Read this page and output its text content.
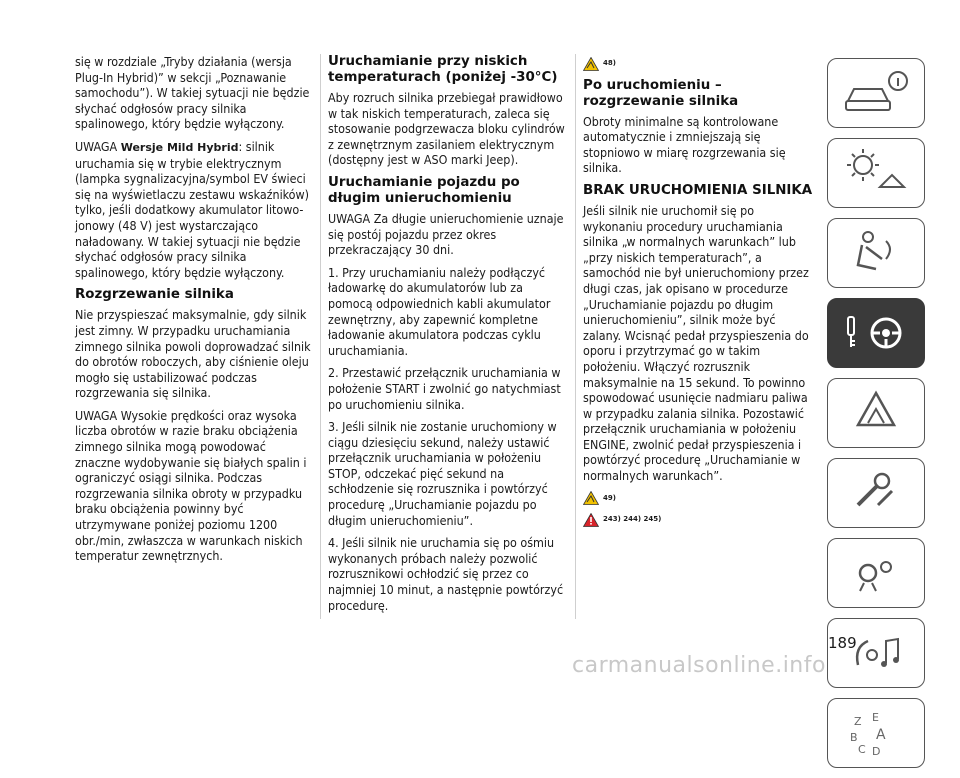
się w rozdziale „Tryby działania (wersja Plug-In Hybrid)” w sekcji „Poznawanie samochodu”). W takiej sytuacji nie będzie słychać odgłosów pracy silnika spalinowego, który będzie wyłączony.

UWAGA Wersje Mild Hybrid: silnik uruchamia się w trybie elektrycznym (lampka sygnalizacyjna/symbol EV świeci się na wyświetlaczu zestawu wskaźników) tylko, jeśli dodatkowy akumulator litowo-jonowy (48 V) jest wystarczająco naładowany. W takiej sytuacji nie będzie słychać odgłosów pracy silnika spalinowego, który będzie wyłączony.

Rozgrzewanie silnika

Nie przyspieszać maksymalnie, gdy silnik jest zimny. W przypadku uruchamiania zimnego silnika powoli doprowadzać silnik do obrotów roboczych, aby ciśnienie oleju mogło się ustabilizować podczas rozgrzewania się silnika.

UWAGA Wysokie prędkości oraz wysoka liczba obrotów w razie braku obciążenia zimnego silnika mogą powodować znaczne wydobywanie się białych spalin i ograniczyć osiągi silnika. Podczas rozgrzewania silnika obroty w przypadku braku obciążenia powinny być utrzymywane poniżej poziomu 1200 obr./min, zwłaszcza w warunkach niskich temperatur zewnętrznych.

Uruchamianie przy niskich temperaturach (poniżej -30°C)

Aby rozruch silnika przebiegał prawidłowo w tak niskich temperaturach, zaleca się stosowanie podgrzewacza bloku cylindrów z zewnętrznym zasilaniem elektrycznym (dostępny jest w ASO marki Jeep).

Uruchamianie pojazdu po długim unieruchomieniu

UWAGA Za długie unieruchomienie uznaje się postój pojazdu przez okres przekraczający 30 dni.

1. Przy uruchamianiu należy podłączyć ładowarkę do akumulatorów lub za pomocą odpowiednich kabli akumulator zewnętrzny, aby zapewnić kompletne ładowanie akumulatora podczas cyklu uruchamiania.

2. Przestawić przełącznik uruchamiania w położenie START i zwolnić go natychmiast po uruchomieniu silnika.

3. Jeśli silnik nie zostanie uruchomiony w ciągu dziesięciu sekund, należy ustawić przełącznik uruchamiania w położeniu STOP, odczekać pięć sekund na schłodzenie się rozrusznika i powtórzyć procedurę „Uruchamianie pojazdu po długim unieruchomieniu”.

4. Jeśli silnik nie uruchamia się po ośmiu wykonanych próbach należy pozwolić rozrusznikowi ochłodzić się przez co najmniej 10 minut, a następnie powtórzyć procedurę.

48)
Po uruchomieniu – rozgrzewanie silnika

Obroty minimalne są kontrolowane automatycznie i zmniejszają się stopniowo w miarę rozgrzewania się silnika.

BRAK URUCHOMIENIA SILNIKA

Jeśli silnik nie uruchomił się po wykonaniu procedury uruchamiania silnika „w normalnych warunkach” lub „przy niskich temperaturach”, a samochód nie był unieruchomiony przez długi czas, jak opisano w procedurze „Uruchamianie pojazdu po długim unieruchomieniu”, silnik może być zalany. Wcisnąć pedał przyspieszenia do oporu i przytrzymać go w takim położeniu. Włączyć rozrusznik maksymalnie na 15 sekund. To powinno spowodować usunięcie nadmiaru paliwa w przypadku zalania silnika. Pozostawić przełącznik uruchamiania w położeniu ENGINE, zwolnić pedał przyspieszenia i powtórzyć procedurę „Uruchamianie w normalnych warunkach”.

49)
243) 244) 245)
Z E
B A
C D
189
carmanualsonline.info
